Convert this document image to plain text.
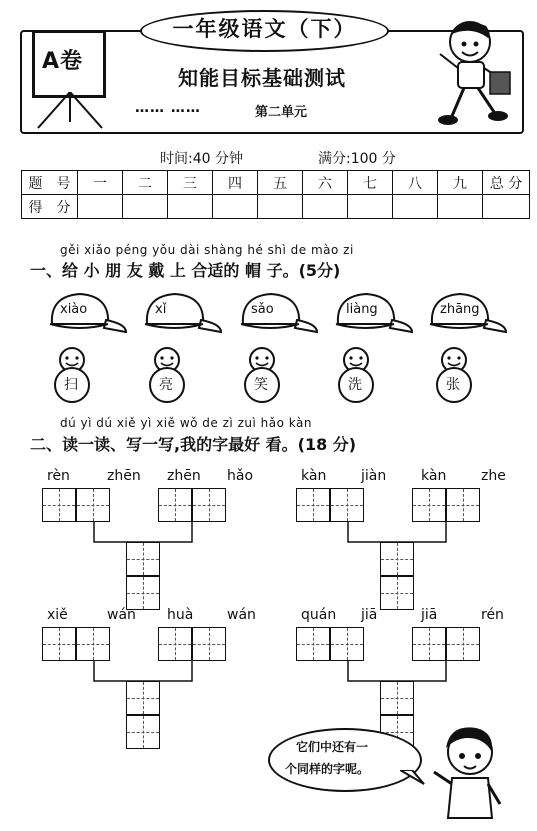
一年级语文（下）
A卷
知能目标基础测试
…… ……	第二单元
时间:40 分钟	满分:100 分
题　号	一	二	三	四	五	六	七	八	九	总 分
得　分										
gěi xiǎo péng yǒu dài shàng hé shì de mào zi
一、给 小 朋 友 戴 上 合适的 帽 子。(5分)
xiào
扫
xǐ
亮
sǎo
笑
liàng
洗
zhāng
张
dú yì dú xiě yì xiě wǒ de zì zuì hǎo kàn
二、读一读、写一写,我的字最好 看。(18 分)
rèn	zhēn zhēn hǎo	kàn jiàn kàn zhe
xiě	wán huà wán	quán jiā	jiā	rén
它们中还有一
个同样的字呢。
